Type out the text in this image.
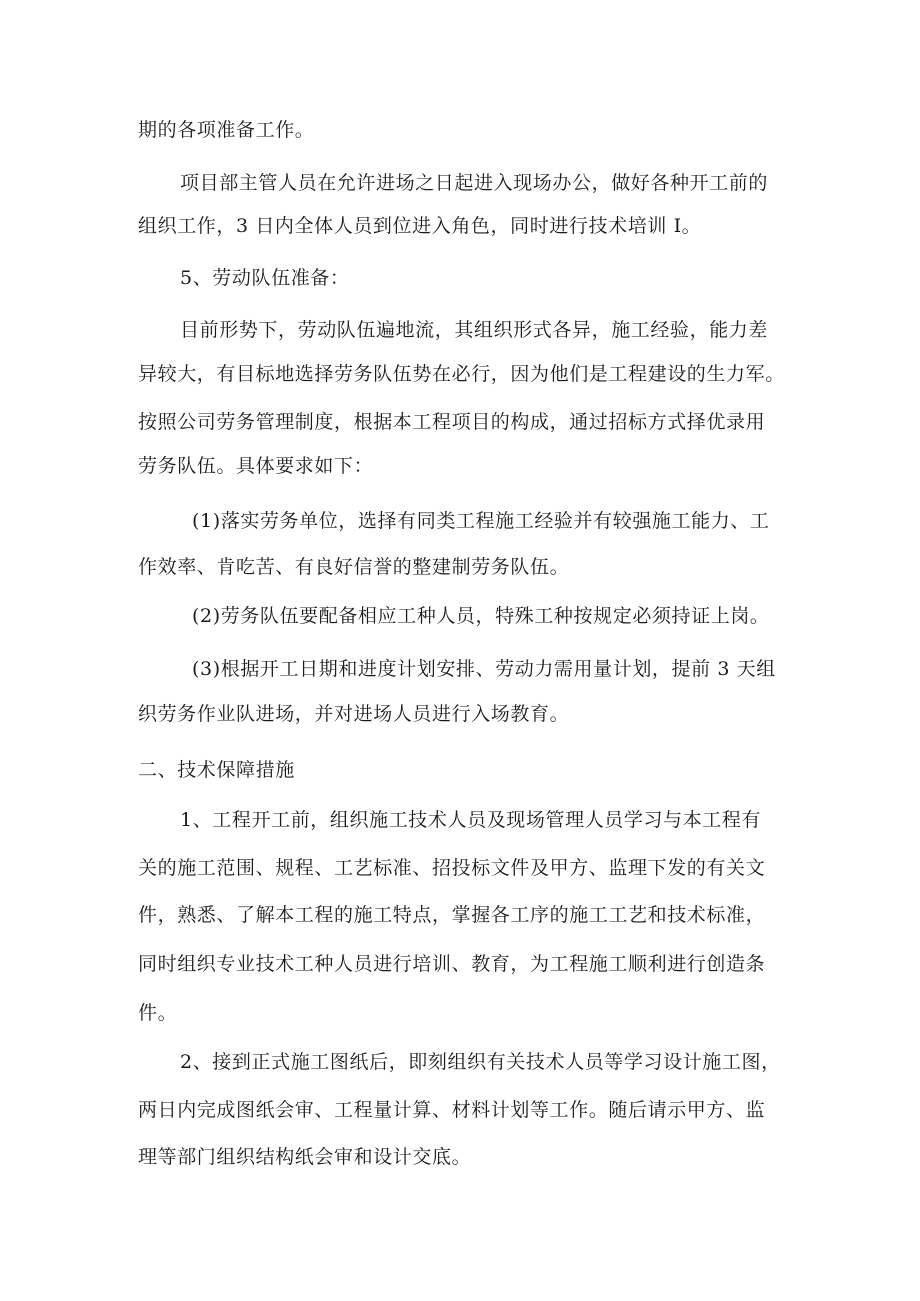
期的各项准备工作。
项目部主管人员在允许进场之日起进入现场办公，做好各种开工前的
组织工作，3 日内全体人员到位进入角色，同时进行技术培训 I。
5、劳动队伍准备：
目前形势下，劳动队伍遍地流，其组织形式各异，施工经验，能力差
异较大，有目标地选择劳务队伍势在必行，因为他们是工程建设的生力军。
按照公司劳务管理制度，根据本工程项目的构成，通过招标方式择优录用
劳务队伍。具体要求如下：
(1)落实劳务单位，选择有同类工程施工经验并有较强施工能力、工
作效率、肯吃苦、有良好信誉的整建制劳务队伍。
(2)劳务队伍要配备相应工种人员，特殊工种按规定必须持证上岗。
(3)根据开工日期和进度计划安排、劳动力需用量计划，提前 3 天组
织劳务作业队进场，并对进场人员进行入场教育。
二、技术保障措施
1、工程开工前，组织施工技术人员及现场管理人员学习与本工程有
关的施工范围、规程、工艺标准、招投标文件及甲方、监理下发的有关文
件，熟悉、了解本工程的施工特点，掌握各工序的施工工艺和技术标准，
同时组织专业技术工种人员进行培训、教育，为工程施工顺利进行创造条
件。
2、接到正式施工图纸后，即刻组织有关技术人员等学习设计施工图，
两日内完成图纸会审、工程量计算、材料计划等工作。随后请示甲方、监
理等部门组织结构纸会审和设计交底。
